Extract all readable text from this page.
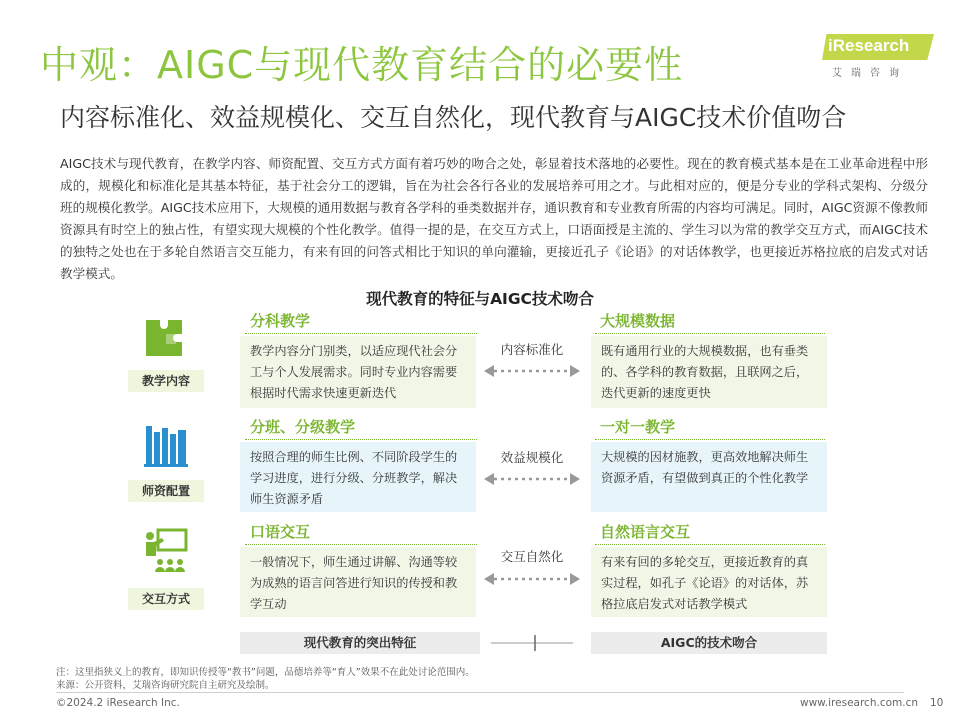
中观：AIGC与现代教育结合的必要性
内容标准化、效益规模化、交互自然化，现代教育与AIGC技术价值吻合
iResearch
艾瑞咨询
AIGC技术与现代教育，在教学内容、师资配置、交互方式方面有着巧妙的吻合之处，彰显着技术落地的必要性。现在的教育模式基本是在工业革命进程中形成的，规模化和标准化是其基本特征，基于社会分工的逻辑，旨在为社会各行各业的发展培养可用之才。与此相对应的，便是分专业的学科式架构、分级分班的规模化教学。AIGC技术应用下，大规模的通用数据与教育各学科的垂类数据并存，通识教育和专业教育所需的内容均可满足。同时，AIGC资源不像教师资源具有时空上的独占性，有望实现大规模的个性化教学。值得一提的是，在交互方式上，口语面授是主流的、学生习以为常的教学交互方式，而AIGC技术的独特之处也在于多轮自然语言交互能力，有来有回的问答式相比于知识的单向灌输，更接近孔子《论语》的对话体教学，也更接近苏格拉底的启发式对话教学模式。
现代教育的特征与AIGC技术吻合
教学内容
分科教学
教学内容分门别类，以适应现代社会分工与个人发展需求。同时专业内容需要根据时代需求快速更新迭代
内容标准化
大规模数据
既有通用行业的大规模数据，也有垂类的、各学科的教育数据，且联网之后，迭代更新的速度更快
师资配置
分班、分级教学
按照合理的师生比例、不同阶段学生的学习进度，进行分级、分班教学，解决师生资源矛盾
效益规模化
一对一教学
大规模的因材施教，更高效地解决师生资源矛盾，有望做到真正的个性化教学
交互方式
口语交互
一般情况下，师生通过讲解、沟通等较为成熟的语言问答进行知识的传授和教学互动
交互自然化
自然语言交互
有来有回的多轮交互，更接近教育的真实过程，如孔子《论语》的对话体，苏格拉底启发式对话教学模式
现代教育的突出特征	AIGC的技术吻合
注：这里指狭义上的教育，即知识传授等“教书”问题，品德培养等“育人”效果不在此处讨论范围内。
来源：公开资料，艾瑞咨询研究院自主研究及绘制。
©2024.2 iResearch Inc.	www.iresearch.com.cn 10
